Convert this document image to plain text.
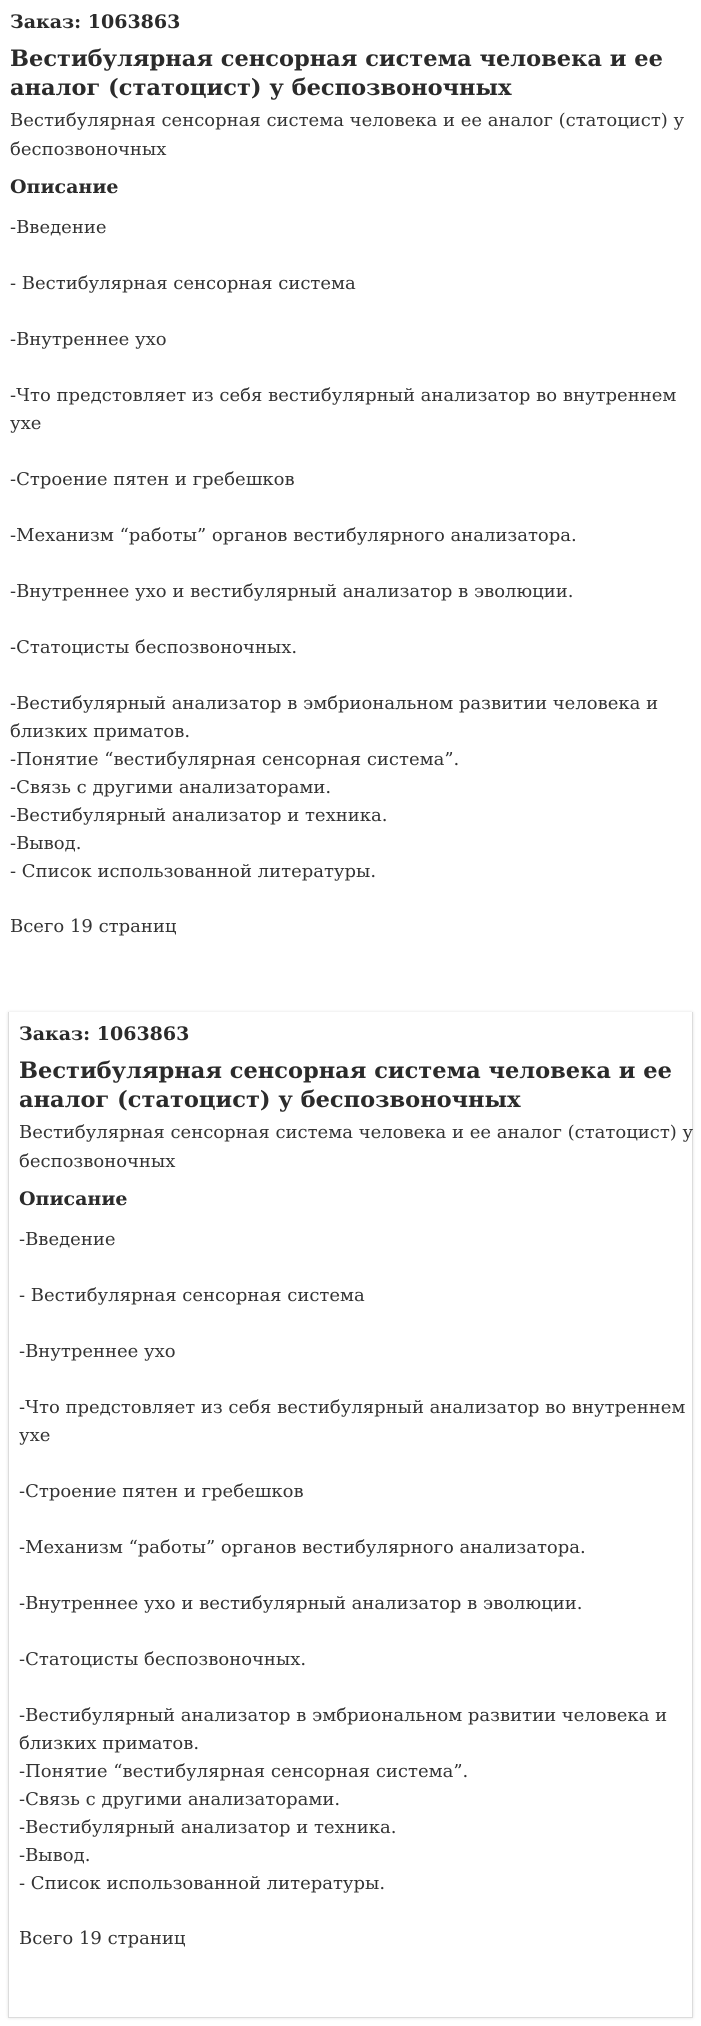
Заказ: 1063863
Вестибулярная сенсорная система человека и ее аналог (статоцист) у беспозвоночных
Вестибулярная сенсорная система человека и ее аналог (статоцист) у беспозвоночных
Описание
-Введение
- Вестибулярная сенсорная система
-Внутреннее ухо
-Что предстовляет из себя вестибулярный анализатор во внутреннем ухе
-Строение пятен и гребешков
-Механизм “работы” органов вестибулярного анализатора.
-Внутреннее ухо и вестибулярный анализатор в эволюции.
-Статоцисты беспозвоночных.
-Вестибулярный анализатор в эмбриональном развитии человека и близких приматов.
-Понятие “вестибулярная сенсорная система”.
-Связь с другими анализаторами.
-Вестибулярный анализатор и техника.
-Вывод.
- Список использованной литературы.
Всего 19 страниц
Заказ: 1063863
Вестибулярная сенсорная система человека и ее аналог (статоцист) у беспозвоночных
Вестибулярная сенсорная система человека и ее аналог (статоцист) у беспозвоночных
Описание
-Введение
- Вестибулярная сенсорная система
-Внутреннее ухо
-Что предстовляет из себя вестибулярный анализатор во внутреннем ухе
-Строение пятен и гребешков
-Механизм “работы” органов вестибулярного анализатора.
-Внутреннее ухо и вестибулярный анализатор в эволюции.
-Статоцисты беспозвоночных.
-Вестибулярный анализатор в эмбриональном развитии человека и близких приматов.
-Понятие “вестибулярная сенсорная система”.
-Связь с другими анализаторами.
-Вестибулярный анализатор и техника.
-Вывод.
- Список использованной литературы.
Всего 19 страниц
